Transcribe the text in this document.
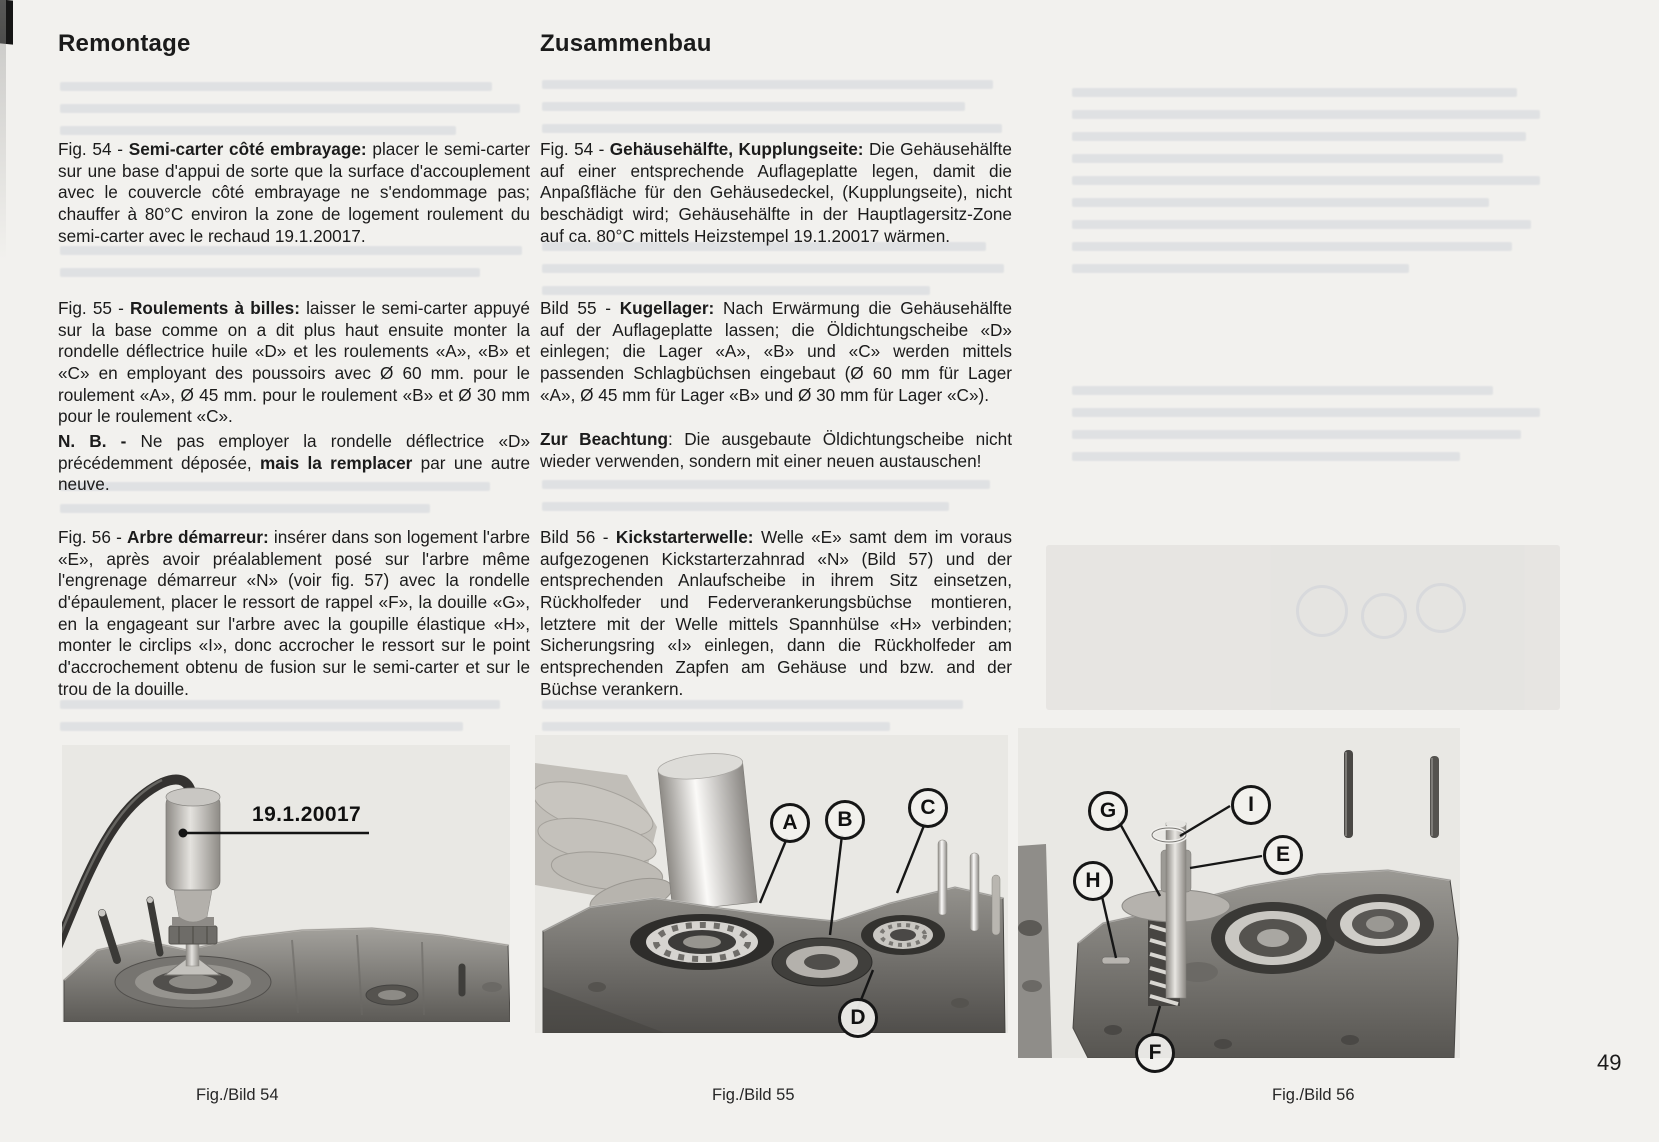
Remontage	Zusammenbau

Fig. 54 - Semi-carter côté embrayage: placer le semi-carter sur une base d'appui de sorte que la surface d'accouplement avec le couvercle côté embrayage ne s'endommage pas; chauffer à 80°C environ la zone de logement roulement du semi-carter avec le rechaud 19.1.20017.

Fig. 55 - Roulements à billes: laisser le semi-carter appuyé sur la base comme on a dit plus haut ensuite monter la rondelle déflectrice huile «D» et les roulements «A», «B» et «C» en employant des poussoirs avec Ø 60 mm. pour le roulement «A», Ø 45 mm. pour le roulement «B» et Ø 30 mm pour le roulement «C».

N. B. - Ne pas employer la rondelle déflectrice «D» précédemment déposée, mais la remplacer par une autre neuve.

Fig. 56 - Arbre démarreur: insérer dans son logement l'arbre «E», après avoir préalablement posé sur l'arbre même l'engrenage démarreur «N» (voir fig. 57) avec la rondelle d'épaulement, placer le ressort de rappel «F», la douille «G», en la engageant sur l'arbre avec la goupille élastique «H», monter le circlips «I», donc accrocher le ressort sur le point d'accrochement obtenu de fusion sur le semi-carter et sur le trou de la douille.

Fig. 54 - Gehäusehälfte, Kupplungseite: Die Gehäusehälfte auf einer entsprechende Auflageplatte legen, damit die Anpaßfläche für den Gehäusedeckel, (Kupplungseite), nicht beschädigt wird; Gehäusehälfte in der Hauptlagersitz-Zone auf ca. 80°C mittels Heizstempel 19.1.20017 wärmen.

Bild 55 - Kugellager: Nach Erwärmung die Gehäusehälfte auf der Auflageplatte lassen; die Öldichtungscheibe «D» einlegen; die Lager «A», «B» und «C» werden mittels passenden Schlagbüchsen eingebaut (Ø 60 mm für Lager «A», Ø 45 mm für Lager «B» und Ø 30 mm für Lager «C»).

Zur Beachtung: Die ausgebaute Öldichtungscheibe nicht wieder verwenden, sondern mit einer neuen austauschen!

Bild 56 - Kickstarterwelle: Welle «E» samt dem im voraus aufgezogenen Kickstarterzahnrad «N» (Bild 57) und der entsprechenden Anlaufscheibe in ihrem Sitz einsetzen, Rückholfeder und Federverankerungsbüchse montieren, letztere mit der Welle mittels Spannhülse «H» verbinden; Sicherungsring «I» einlegen, dann die Rückholfeder am entsprechenden Zapfen am Gehäuse und bzw. and der Büchse verankern.

19.1.20017	A	B
C
D
G	I
E
H
F
Fig./Bild 54	Fig./Bild 55	Fig./Bild 56
49
